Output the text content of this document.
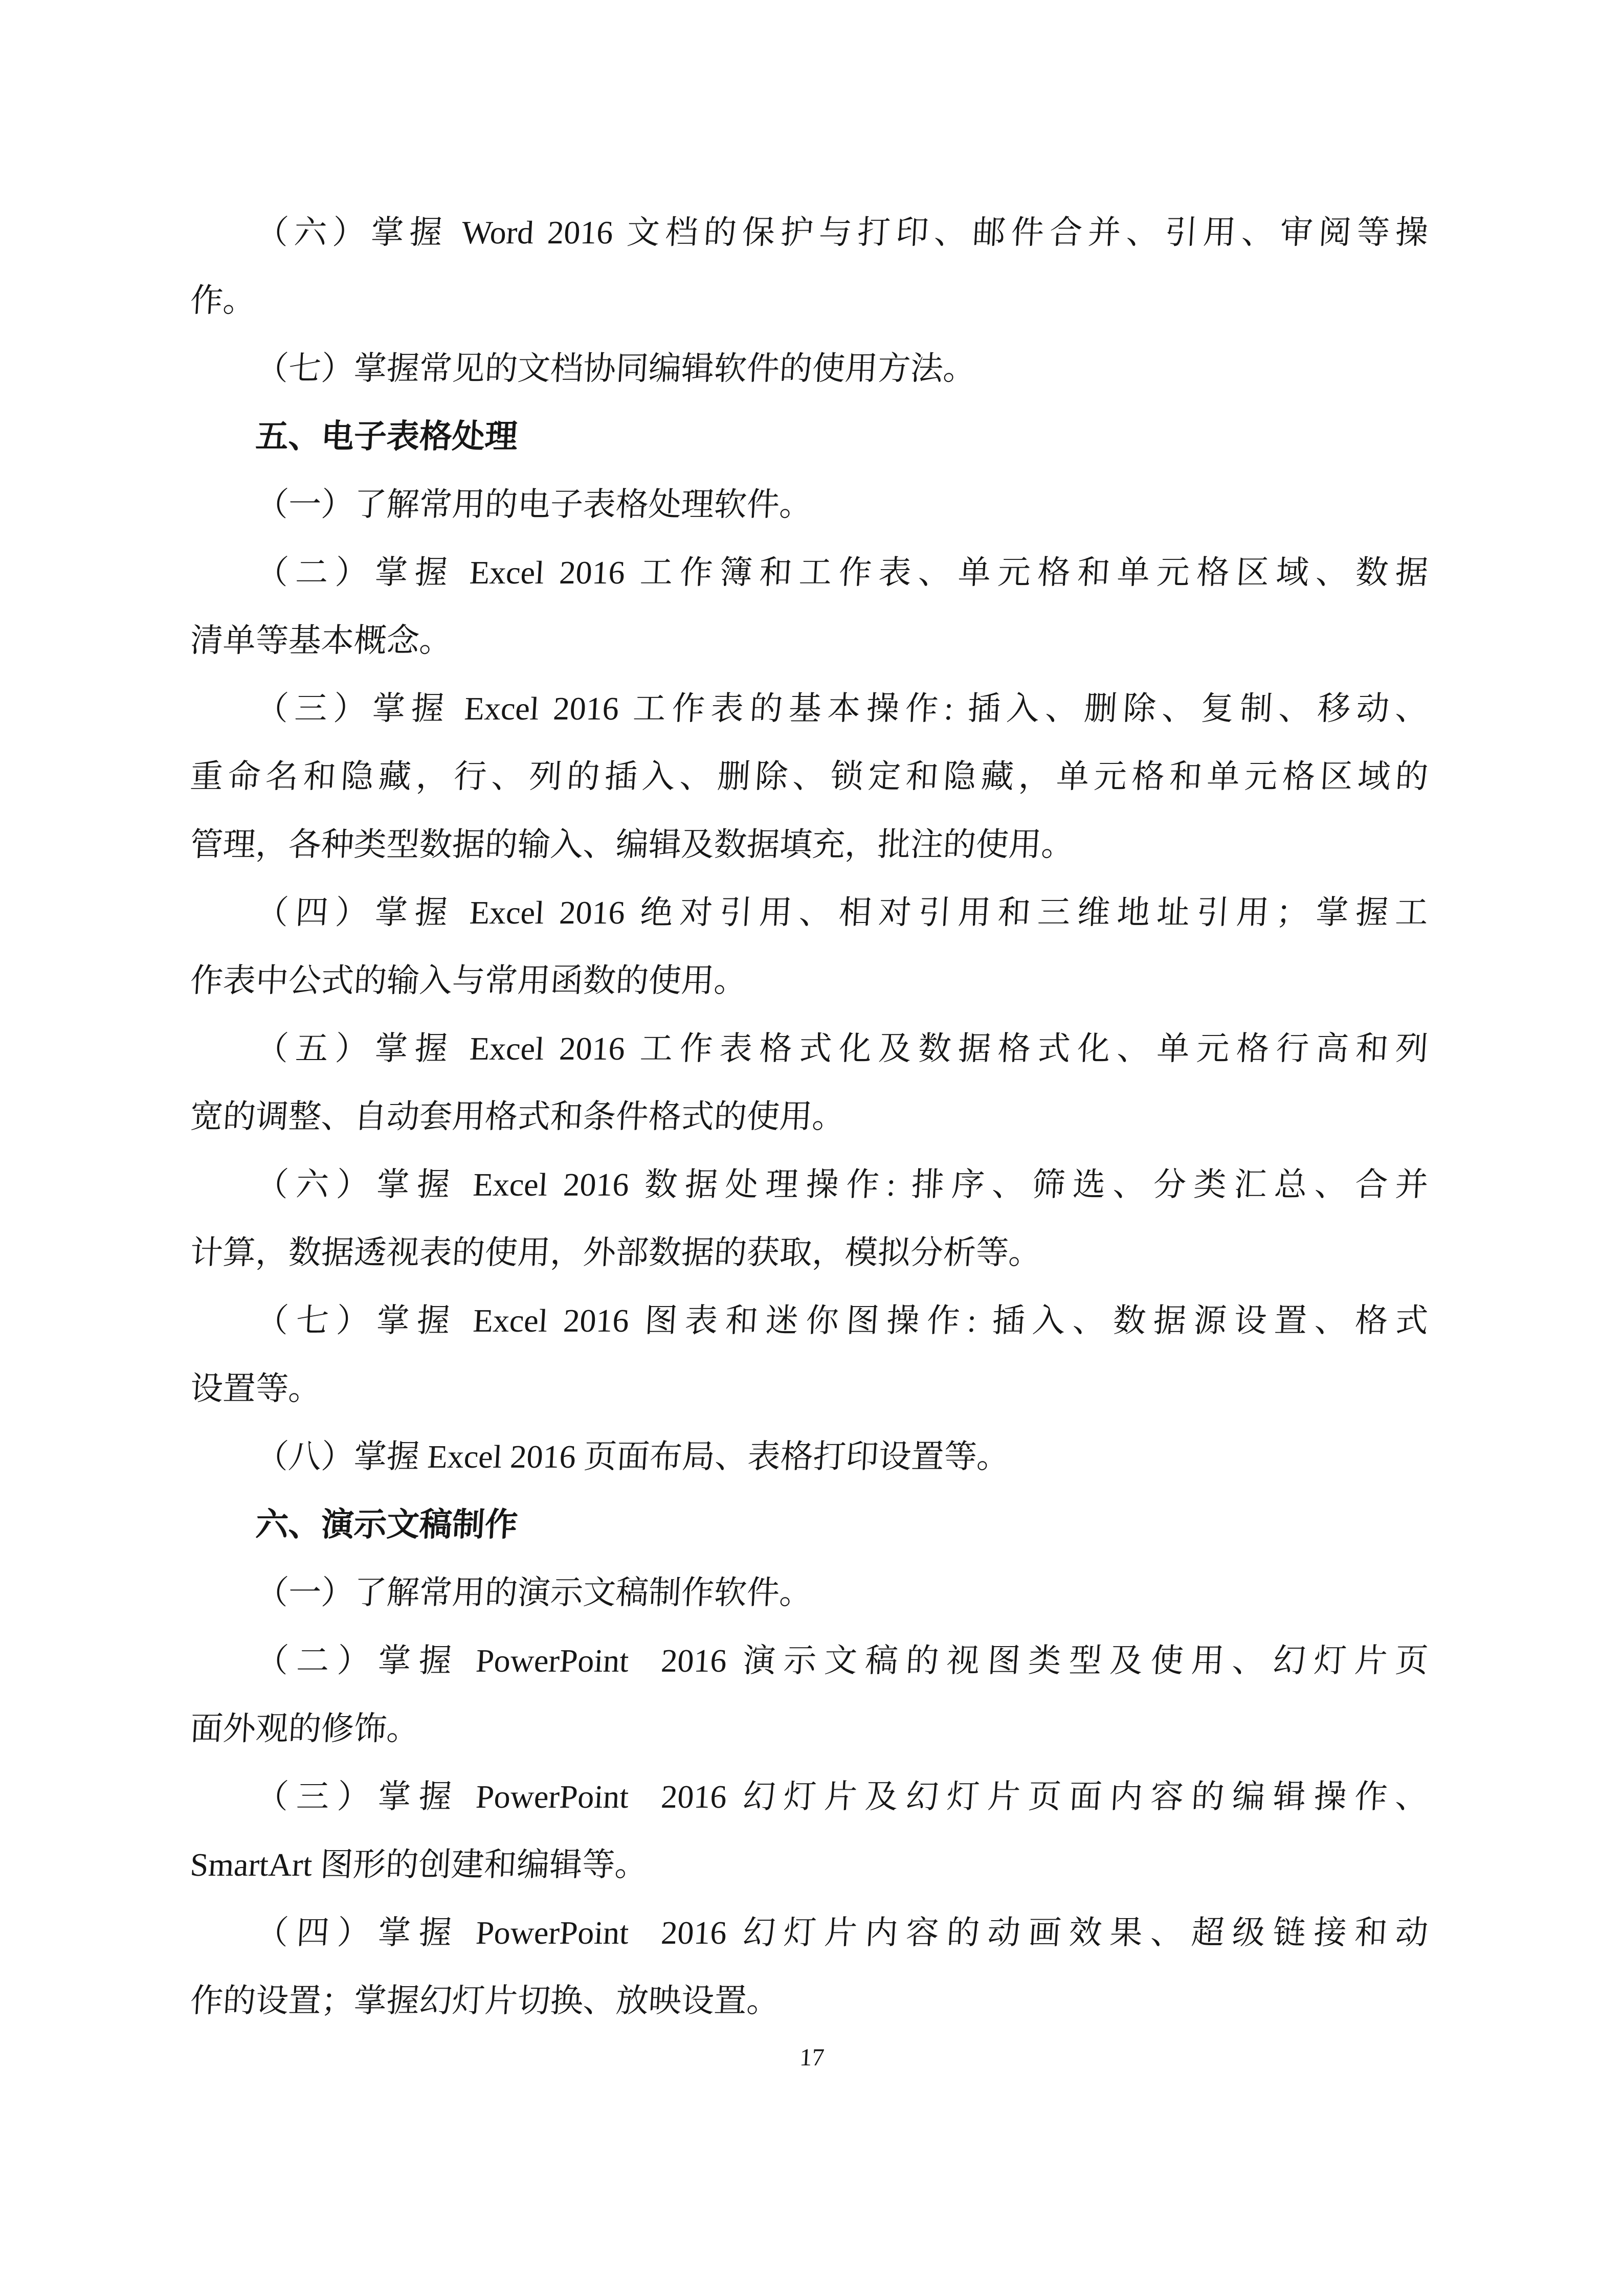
（六）掌握 Word 2016 文档的保护与打印、邮件合并、引用、审阅等操
作。
（七）掌握常见的文档协同编辑软件的使用方法。
五、电子表格处理
（一）了解常用的电子表格处理软件。
（二）掌握 Excel 2016 工作簿和工作表、单元格和单元格区域、数据
清单等基本概念。
（三）掌握 Excel 2016 工作表的基本操作: 插入、删除、复制、移动、
重命名和隐藏，行、列的插入、删除、锁定和隐藏，单元格和单元格区域的
管理，各种类型数据的输入、编辑及数据填充，批注的使用。
（四）掌握 Excel 2016 绝对引用、相对引用和三维地址引用；掌握工
作表中公式的输入与常用函数的使用。
（五）掌握 Excel 2016 工作表格式化及数据格式化、单元格行高和列
宽的调整、自动套用格式和条件格式的使用。
（六）掌握 Excel 2016 数据处理操作: 排序、筛选、分类汇总、合并
计算，数据透视表的使用，外部数据的获取，模拟分析等。
（七）掌握 Excel 2016 图表和迷你图操作: 插入、数据源设置、格式
设置等。
（八）掌握 Excel 2016 页面布局、表格打印设置等。
六、演示文稿制作
（一）了解常用的演示文稿制作软件。
（二）掌握 PowerPoint  2016 演示文稿的视图类型及使用、幻灯片页
面外观的修饰。
（三）掌握 PowerPoint  2016 幻灯片及幻灯片页面内容的编辑操作、
SmartArt 图形的创建和编辑等。
（四）掌握 PowerPoint  2016 幻灯片内容的动画效果、超级链接和动
作的设置；掌握幻灯片切换、放映设置。
17
